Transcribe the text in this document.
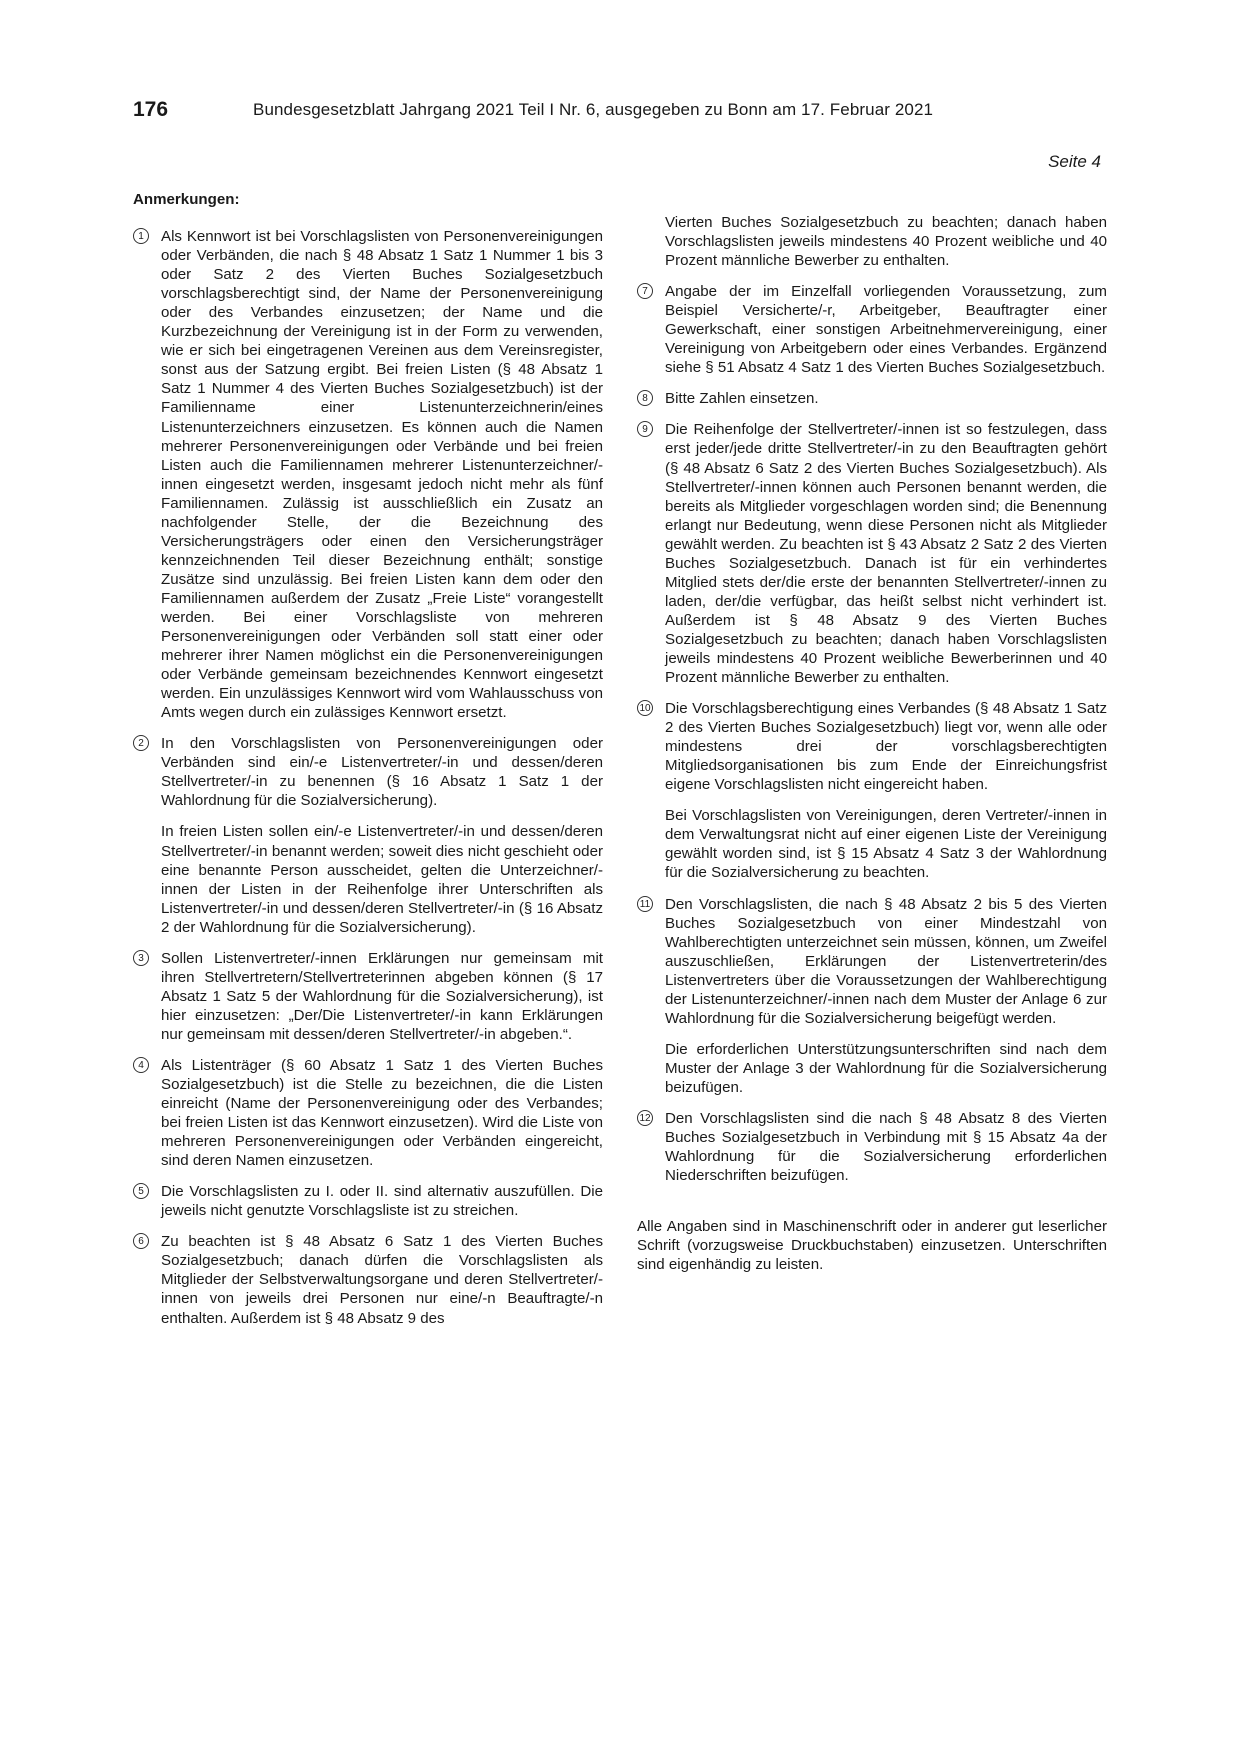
176	Bundesgesetzblatt Jahrgang 2021 Teil I Nr. 6, ausgegeben zu Bonn am 17. Februar 2021
Seite 4
Anmerkungen:
1	Als Kennwort ist bei Vorschlagslisten von Personenvereinigungen oder Verbänden, die nach § 48 Absatz 1 Satz 1 Nummer 1 bis 3 oder Satz 2 des Vierten Buches Sozialgesetzbuch vorschlagsberechtigt sind, der Name der Personenvereinigung oder des Verbandes einzusetzen; der Name und die Kurzbezeichnung der Vereinigung ist in der Form zu verwenden, wie er sich bei eingetragenen Vereinen aus dem Vereinsregister, sonst aus der Satzung ergibt. Bei freien Listen (§ 48 Absatz 1 Satz 1 Nummer 4 des Vierten Buches Sozialgesetzbuch) ist der Familienname einer Listenunterzeichnerin/eines Listenunterzeichners einzusetzen. Es können auch die Namen mehrerer Personenvereinigungen oder Verbände und bei freien Listen auch die Familiennamen mehrerer Listenunterzeichner/-innen eingesetzt werden, insgesamt jedoch nicht mehr als fünf Familiennamen. Zulässig ist ausschließlich ein Zusatz an nachfolgender Stelle, der die Bezeichnung des Versicherungsträgers oder einen den Versicherungsträger kennzeichnenden Teil dieser Bezeichnung enthält; sonstige Zusätze sind unzulässig. Bei freien Listen kann dem oder den Familiennamen außerdem der Zusatz „Freie Liste“ vorangestellt werden. Bei einer Vorschlagsliste von mehreren Personenvereinigungen oder Verbänden soll statt einer oder mehrerer ihrer Namen möglichst ein die Personenvereinigungen oder Verbände gemeinsam bezeichnendes Kennwort eingesetzt werden. Ein unzulässiges Kennwort wird vom Wahlausschuss von Amts wegen durch ein zulässiges Kennwort ersetzt.

2	In den Vorschlagslisten von Personenvereinigungen oder Verbänden sind ein/-e Listenvertreter/-in und dessen/deren Stellvertreter/-in zu benennen (§ 16 Absatz 1 Satz 1 der Wahlordnung für die Sozialversicherung).

In freien Listen sollen ein/-e Listenvertreter/-in und dessen/deren Stellvertreter/-in benannt werden; soweit dies nicht geschieht oder eine benannte Person ausscheidet, gelten die Unterzeichner/-innen der Listen in der Reihenfolge ihrer Unterschriften als Listenvertreter/-in und dessen/deren Stellvertreter/-in (§ 16 Absatz 2 der Wahlordnung für die Sozialversicherung).

3	Sollen Listenvertreter/-innen Erklärungen nur gemeinsam mit ihren Stellvertretern/Stellvertreterinnen abgeben können (§ 17 Absatz 1 Satz 5 der Wahlordnung für die Sozialversicherung), ist hier einzusetzen: „Der/Die Listenvertreter/-in kann Erklärungen nur gemeinsam mit dessen/deren Stellvertreter/-in abgeben.“.

4	Als Listenträger (§ 60 Absatz 1 Satz 1 des Vierten Buches Sozialgesetzbuch) ist die Stelle zu bezeichnen, die die Listen einreicht (Name der Personenvereinigung oder des Verbandes; bei freien Listen ist das Kennwort einzusetzen). Wird die Liste von mehreren Personenvereinigungen oder Verbänden eingereicht, sind deren Namen einzusetzen.

5	Die Vorschlagslisten zu I. oder II. sind alternativ auszufüllen. Die jeweils nicht genutzte Vorschlagsliste ist zu streichen.

6	Zu beachten ist § 48 Absatz 6 Satz 1 des Vierten Buches Sozialgesetzbuch; danach dürfen die Vorschlagslisten als Mitglieder der Selbstverwaltungsorgane und deren Stellvertreter/-innen von jeweils drei Personen nur eine/-n Beauftragte/-n enthalten. Außerdem ist § 48 Absatz 9 des

Vierten Buches Sozialgesetzbuch zu beachten; danach haben Vorschlagslisten jeweils mindestens 40 Prozent weibliche und 40 Prozent männliche Bewerber zu enthalten.
7	Angabe der im Einzelfall vorliegenden Voraussetzung, zum Beispiel Versicherte/-r, Arbeitgeber, Beauftragter einer Gewerkschaft, einer sonstigen Arbeitnehmervereinigung, einer Vereinigung von Arbeitgebern oder eines Verbandes. Ergänzend siehe § 51 Absatz 4 Satz 1 des Vierten Buches Sozialgesetzbuch.

8	Bitte Zahlen einsetzen.

9	Die Reihenfolge der Stellvertreter/-innen ist so festzulegen, dass erst jeder/jede dritte Stellvertreter/-in zu den Beauftragten gehört (§ 48 Absatz 6 Satz 2 des Vierten Buches Sozialgesetzbuch). Als Stellvertreter/-innen können auch Personen benannt werden, die bereits als Mitglieder vorgeschlagen worden sind; die Benennung erlangt nur Bedeutung, wenn diese Personen nicht als Mitglieder gewählt werden. Zu beachten ist § 43 Absatz 2 Satz 2 des Vierten Buches Sozialgesetzbuch. Danach ist für ein verhindertes Mitglied stets der/die erste der benannten Stellvertreter/-innen zu laden, der/die verfügbar, das heißt selbst nicht verhindert ist. Außerdem ist § 48 Absatz 9 des Vierten Buches Sozialgesetzbuch zu beachten; danach haben Vorschlagslisten jeweils mindestens 40 Prozent weibliche Bewerberinnen und 40 Prozent männliche Bewerber zu enthalten.

10 Die Vorschlagsberechtigung eines Verbandes (§ 48 Absatz 1 Satz 2 des Vierten Buches Sozialgesetzbuch) liegt vor, wenn alle oder mindestens drei der vorschlagsberechtigten Mitgliedsorganisationen bis zum Ende der Einreichungsfrist eigene Vorschlagslisten nicht eingereicht haben.

Bei Vorschlagslisten von Vereinigungen, deren Vertreter/-innen in dem Verwaltungsrat nicht auf einer eigenen Liste der Vereinigung gewählt worden sind, ist § 15 Absatz 4 Satz 3 der Wahlordnung für die Sozialversicherung zu beachten.

11 Den Vorschlagslisten, die nach § 48 Absatz 2 bis 5 des Vierten Buches Sozialgesetzbuch von einer Mindestzahl von Wahlberechtigten unterzeichnet sein müssen, können, um Zweifel auszuschließen, Erklärungen der Listenvertreterin/des Listenvertreters über die Voraussetzungen der Wahlberechtigung der Listenunterzeichner/-innen nach dem Muster der Anlage 6 zur Wahlordnung für die Sozialversicherung beigefügt werden.

Die erforderlichen Unterstützungsunterschriften sind nach dem Muster der Anlage 3 der Wahlordnung für die Sozialversicherung beizufügen.

12 Den Vorschlagslisten sind die nach § 48 Absatz 8 des Vierten Buches Sozialgesetzbuch in Verbindung mit § 15 Absatz 4a der Wahlordnung für die Sozialversicherung erforderlichen Niederschriften beizufügen.

Alle Angaben sind in Maschinenschrift oder in anderer gut leserlicher Schrift (vorzugsweise Druckbuchstaben) einzusetzen. Unterschriften sind eigenhändig zu leisten.
